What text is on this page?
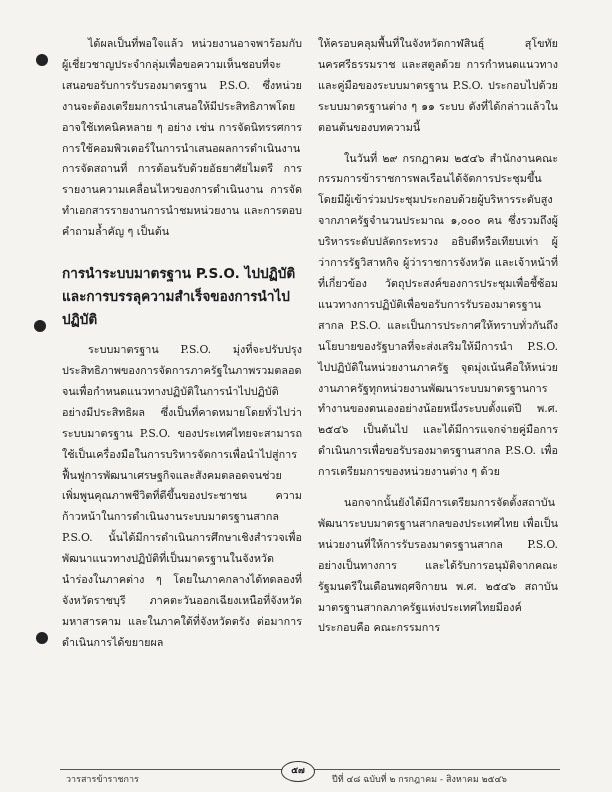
ได้ผลเป็นที่พอใจแล้ว หน่วยงานอาจพาร้อมกับผู้เชี่ยวชาญประจำกลุ่มเพื่อขอความเห็นชอบที่จะเสนอขอรับการรับรองมาตรฐาน P.S.O. ซึ่งหน่วยงานจะต้องเตรียมการนำเสนอให้มีประสิทธิภาพโดยอาจใช้เทคนิคหลาย ๆ อย่าง เช่น การจัดนิทรรศการ การใช้คอมพิวเตอร์ในการนำเสนอผลการดำเนินงาน การจัดสถานที่ การต้อนรับด้วยอัธยาศัยไมตรี การรายงานความเคลื่อนไหวของการดำเนินงาน การจัดทำเอกสารรายงานการนำชมหน่วยงาน และการตอบคำถามล้ำคัญ ๆ เป็นต้น

การนำระบบมาตรฐาน P.S.O. ไปปฏิบัติ และการบรรลุความสำเร็จของการนำไปปฏิบัติ

ระบบมาตรฐาน P.S.O. มุ่งที่จะปรับปรุงประสิทธิภาพของการจัดการภาครัฐในภาพรวมตลอดจนเพื่อกำหนดแนวทางปฏิบัติในการนำไปปฏิบัติอย่างมีประสิทธิผล ซึ่งเป็นที่คาดหมายโดยทั่วไปว่าระบบมาตรฐาน P.S.O. ของประเทศไทยจะสามารถใช้เป็นเครื่องมือในการบริหารจัดการเพื่อนำไปสู่การฟื้นฟูการพัฒนาเศรษฐกิจและสังคมตลอดจนช่วยเพิ่มพูนคุณภาพชีวิตที่ดีขึ้นของประชาชน ความก้าวหน้าในการดำเนินงานระบบมาตรฐานสากล P.S.O. นั้นได้มีการดำเนินการศึกษาเชิงสำรวจเพื่อพัฒนาแนวทางปฏิบัติที่เป็นมาตรฐานในจังหวัดนำร่องในภาคต่าง ๆ โดยในภาคกลางได้ทดลองที่จังหวัดราชบุรี ภาคตะวันออกเฉียงเหนือที่จังหวัดมหาสารคาม และในภาคใต้ที่จังหวัดตรัง ต่อมาการดำเนินการได้ขยายผล

ให้ครอบคลุมพื้นที่ในจังหวัดกาฬสินธุ์ สุโขทัย นครศรีธรรมราช และสตูลด้วย การกำหนดแนวทางและคู่มือของระบบมาตรฐาน P.S.O. ประกอบไปด้วยระบบมาตรฐานต่าง ๆ ๑๑ ระบบ ดังที่ได้กล่าวแล้วในตอนต้นของบทความนี้

ในวันที่ ๒๙ กรกฎาคม ๒๕๔๖ สำนักงานคณะกรรมการข้าราชการพลเรือนได้จัดการประชุมขึ้น โดยมีผู้เข้าร่วมประชุมประกอบด้วยผู้บริหารระดับสูงจากภาครัฐจำนวนประมาณ ๑,๐๐๐ คน ซึ่งรวมถึงผู้บริหารระดับปลัดกระทรวง อธิบดีหรือเทียบเท่า ผู้ว่าการรัฐวิสาหกิจ ผู้ว่าราชการจังหวัด และเจ้าหน้าที่ที่เกี่ยวข้อง วัตถุประสงค์ของการประชุมเพื่อชี้ซ้อมแนวทางการปฏิบัติเพื่อขอรับการรับรองมาตรฐานสากล P.S.O. และเป็นการประกาศให้ทราบทั่วกันถึงนโยบายของรัฐบาลที่จะส่งเสริมให้มีการนำ P.S.O. ไปปฏิบัติในหน่วยงานภาครัฐ จุดมุ่งเน้นคือให้หน่วยงานภาครัฐทุกหน่วยงานพัฒนาระบบมาตรฐานการทำงานของตนเองอย่างน้อยหนึ่งระบบตั้งแต่ปี พ.ศ. ๒๕๔๖ เป็นต้นไป และได้มีการแจกจ่ายคู่มือการดำเนินการเพื่อขอรับรองมาตรฐานสากล P.S.O. เพื่อการเตรียมการของหน่วยงานต่าง ๆ ด้วย

นอกจากนั้นยังได้มีการเตรียมการจัดตั้งสถาบันพัฒนาระบบมาตรฐานสากลของประเทศไทย เพื่อเป็นหน่วยงานที่ให้การรับรองมาตรฐานสากล P.S.O. อย่างเป็นทางการ และได้รับการอนุมัติจากคณะรัฐมนตรีในเดือนพฤศจิกายน พ.ศ. ๒๕๔๖ สถาบันมาตรฐานสากลภาครัฐแห่งประเทศไทยมีองค์ประกอบคือ คณะกรรมการ

วารสารข้าราชการ
๕๗
ปีที่ ๔๘ ฉบับที่ ๒ กรกฎาคม - สิงหาคม ๒๕๔๖
